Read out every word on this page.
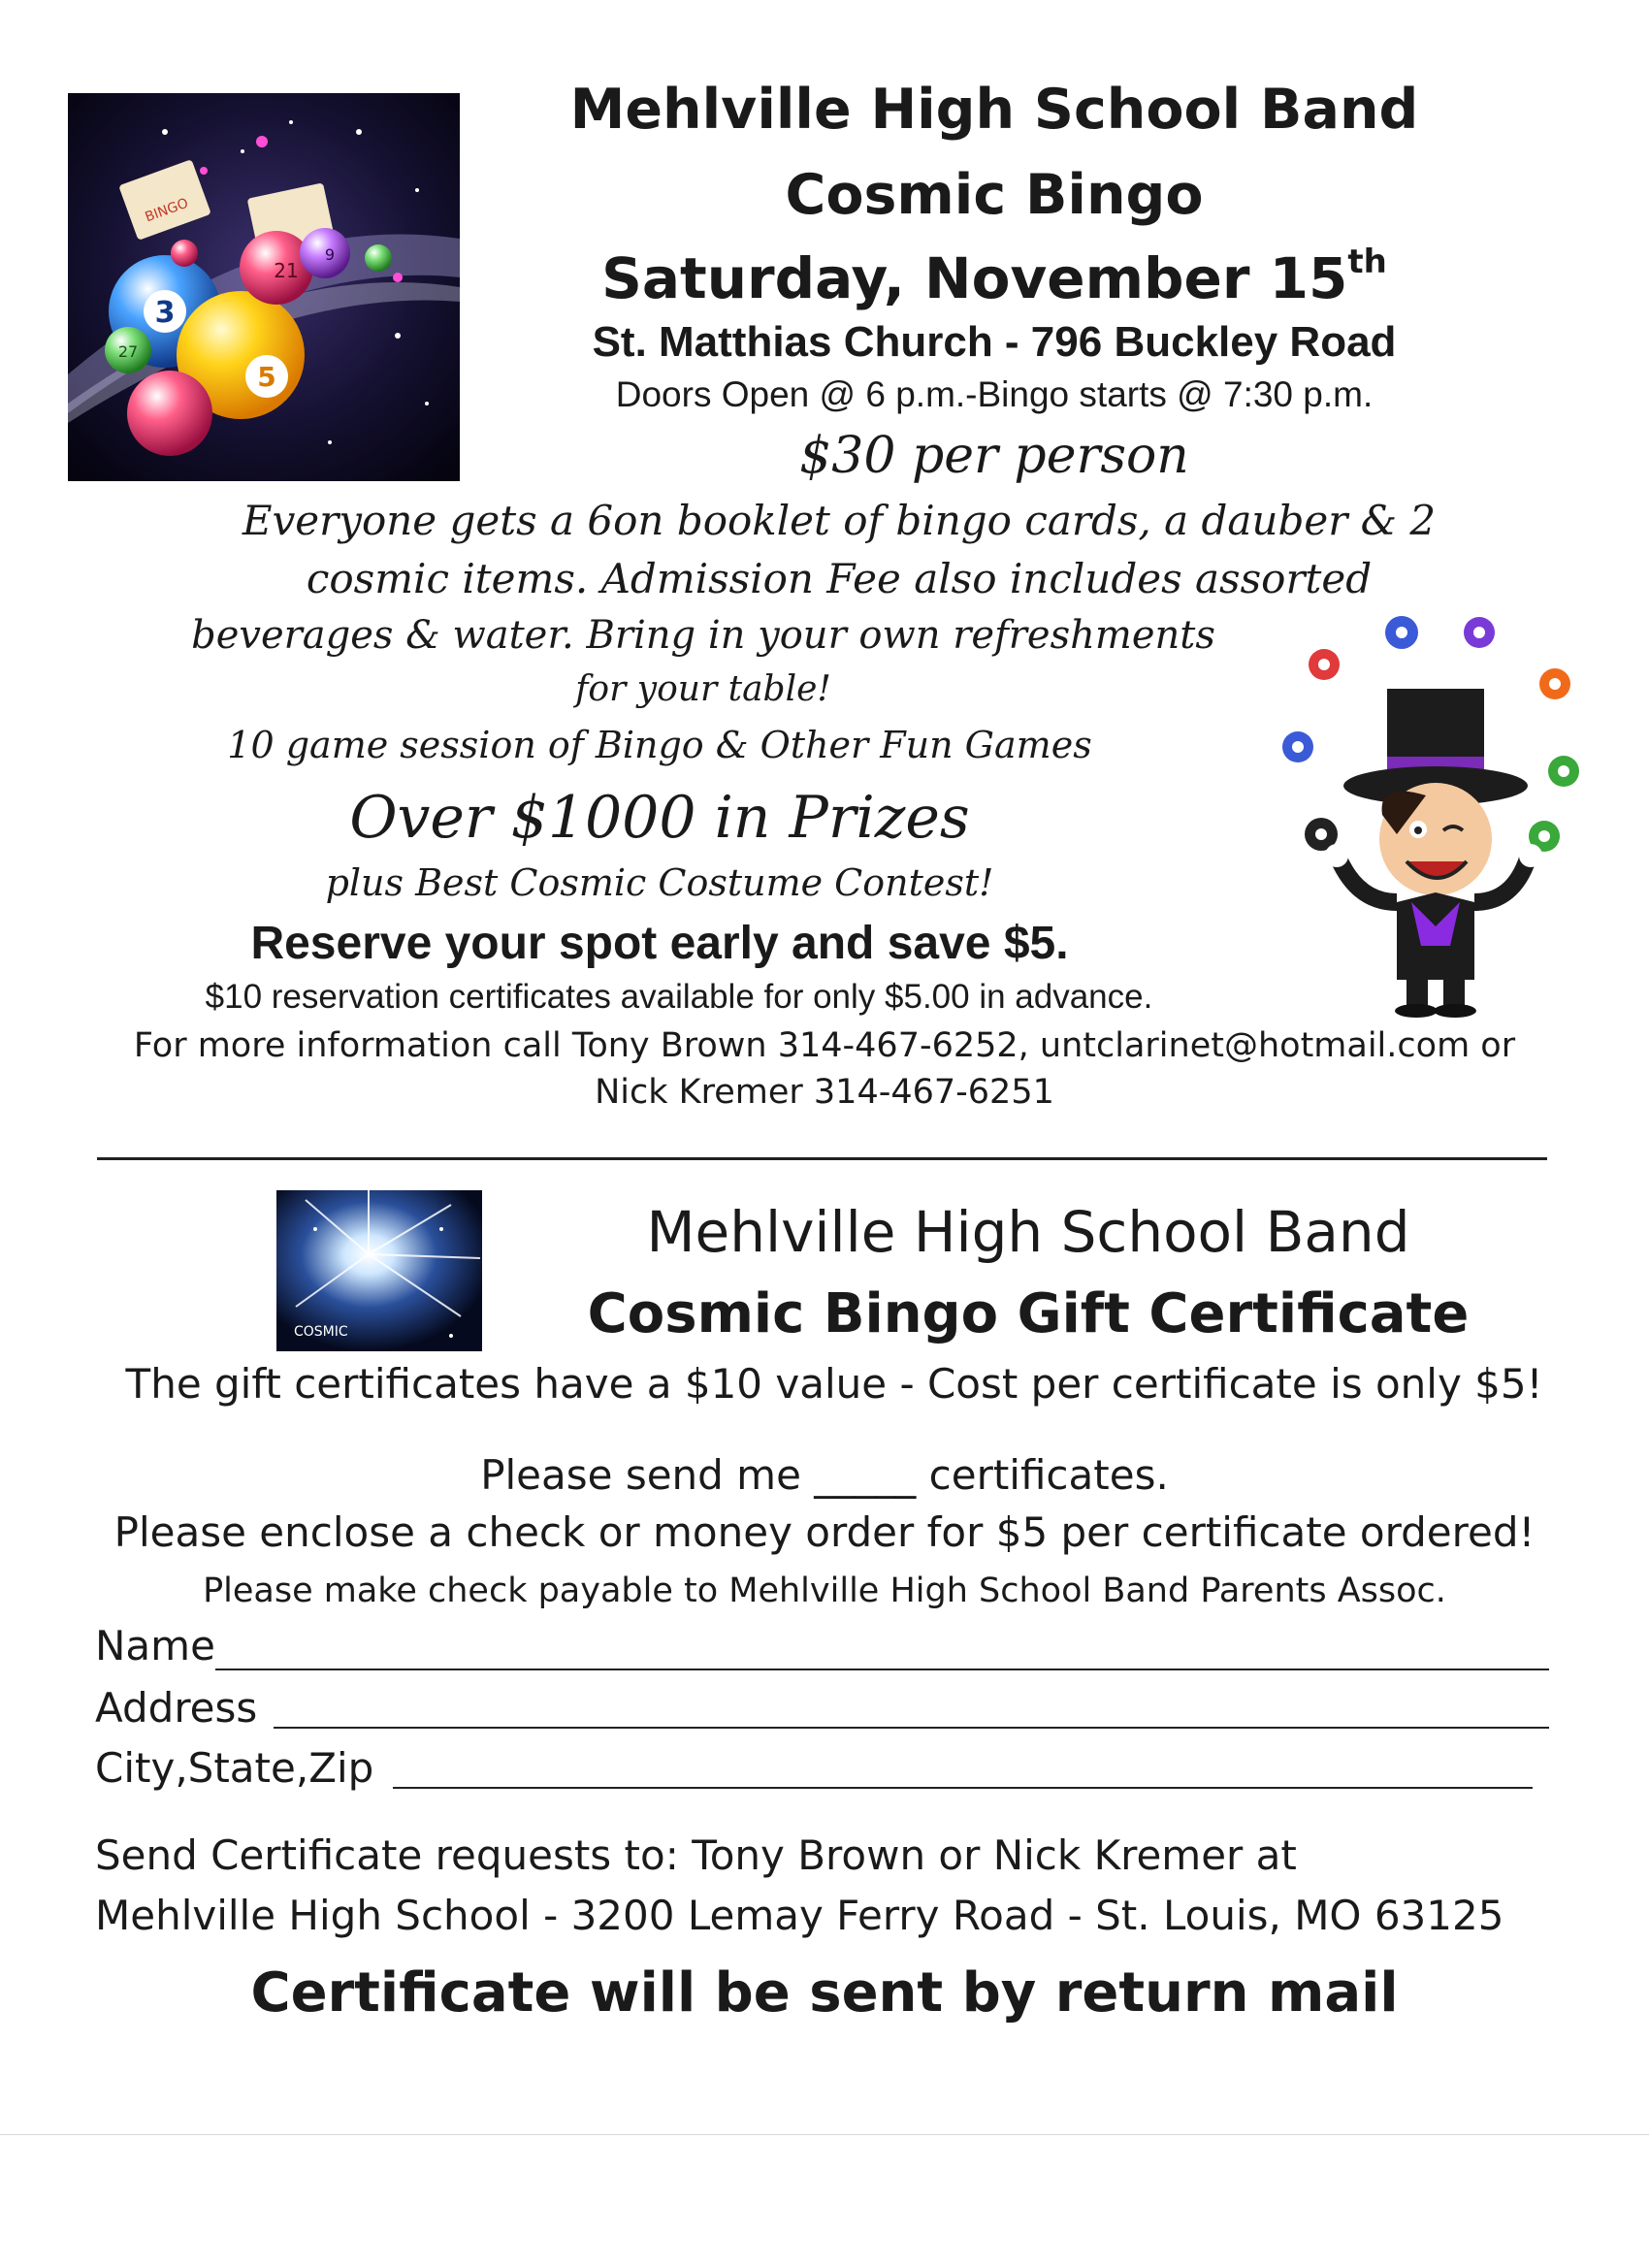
BINGO
3
27
5
21
9
Mehlville High School Band
Cosmic Bingo
Saturday, November 15th
St. Matthias Church - 796 Buckley Road
Doors Open @ 6 p.m.-Bingo starts @ 7:30 p.m.
$30 per person
Everyone gets a 6on booklet of bingo cards, a dauber & 2
cosmic items. Admission Fee also includes assorted
beverages & water. Bring in your own refreshments
for your table!
10 game session of Bingo & Other Fun Games
Over $1000 in Prizes
plus Best Cosmic Costume Contest!
Reserve your spot early and save $5.
$10 reservation certificates available for only $5.00 in advance.
For more information call Tony Brown 314-467-6252, untclarinet@hotmail.com or
Nick Kremer 314-467-6251
COSMIC
Mehlville High School Band
Cosmic Bingo Gift Certificate
The gift certificates have a $10 value - Cost per certificate is only $5!
Please send me _____ certificates.
Please enclose a check or money order for $5 per certificate ordered!
Please make check payable to Mehlville High School Band Parents Assoc.
Name
Address
City,State,Zip
Send Certificate requests to: Tony Brown or Nick Kremer at
Mehlville High School - 3200 Lemay Ferry Road - St. Louis, MO 63125
Certificate will be sent by return mail
